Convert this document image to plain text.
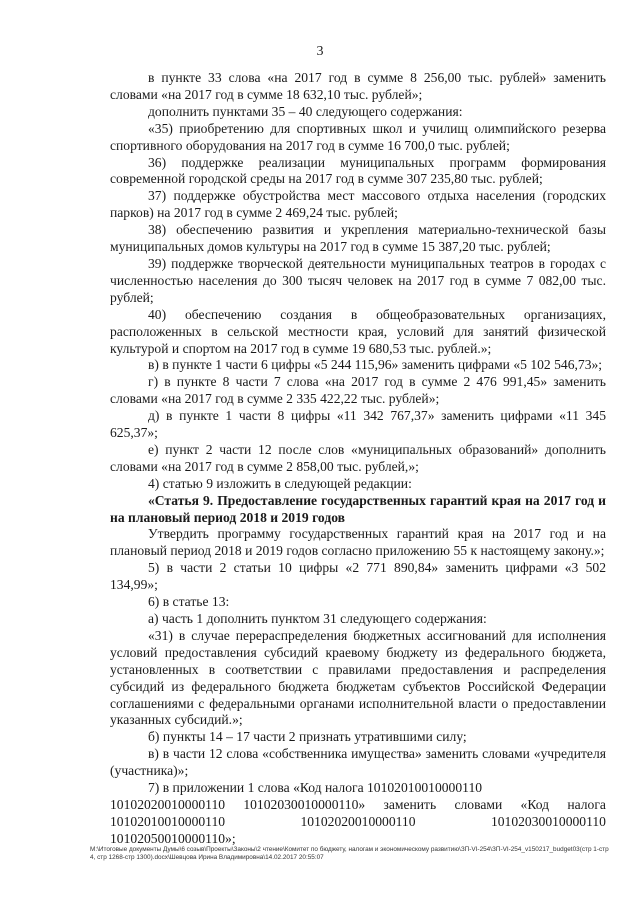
3

в пункте 33 слова «на 2017 год в сумме 8 256,00 тыс. рублей» заменить словами «на 2017 год в сумме 18 632,10 тыс. рублей»;

дополнить пунктами 35 – 40 следующего содержания:

«35) приобретению для спортивных школ и училищ олимпийского резерва спортивного оборудования на 2017 год в сумме 16 700,0 тыс. рублей;

36) поддержке реализации муниципальных программ формирования современной городской среды на 2017 год в сумме 307 235,80 тыс. рублей;

37) поддержке обустройства мест массового отдыха населения (городских парков) на 2017 год в сумме 2 469,24 тыс. рублей;

38) обеспечению развития и укрепления материально-технической базы муниципальных домов культуры на 2017 год в сумме 15 387,20 тыс. рублей;

39) поддержке творческой деятельности муниципальных театров в городах с численностью населения до 300 тысяч человек на 2017 год в сумме 7 082,00 тыс. рублей;

40) обеспечению создания в общеобразовательных организациях, расположенных в сельской местности края, условий для занятий физической культурой и спортом на 2017 год в сумме 19 680,53 тыс. рублей.»;

в) в пункте 1 части 6 цифры «5 244 115,96» заменить цифрами «5 102 546,73»;

г) в пункте 8 части 7 слова «на 2017 год в сумме 2 476 991,45» заменить словами «на 2017 год в сумме 2 335 422,22 тыс. рублей»;

д) в пункте 1 части 8 цифры «11 342 767,37» заменить цифрами «11 345 625,37»;

е) пункт 2 части 12 после слов «муниципальных образований» дополнить словами «на 2017 год в сумме 2 858,00 тыс. рублей,»;

4) статью 9 изложить в следующей редакции:

«Статья 9. Предоставление государственных гарантий края на 2017 год и на плановый период 2018 и 2019 годов

Утвердить программу государственных гарантий края на 2017 год и на плановый период 2018 и 2019 годов согласно приложению 55 к настоящему закону.»;

5) в части 2 статьи 10 цифры «2 771 890,84» заменить цифрами «3 502 134,99»;

6) в статье 13:

а) часть 1 дополнить пунктом 31 следующего содержания:

«31) в случае перераспределения бюджетных ассигнований для исполнения условий предоставления субсидий краевому бюджету из федерального бюджета, установленных в соответствии с правилами предоставления и распределения субсидий из федерального бюджета бюджетам субъектов Российской Федерации соглашениями с федеральными органами исполнительной власти о предоставлении указанных субсидий.»;

б) пункты 14 – 17 части 2 признать утратившими силу;

в) в части 12 слова «собственника имущества» заменить словами «учредителя (участника)»;

7) в приложении 1 слова «Код налога 10102010010000110

10102020010000110 10102030010000110» заменить словами «Код налога
10102010010000110	10102020010000110	10102030010000110
10102050010000110»;
M:\Итоговые документы Думы\6 созыв\Проекты\Законы\2 чтение\Комитет по бюджету, налогам и экономическому развитию\ЗП-VI-254\ЗП-VI-254_v150217_budget03(стр 1-стр 4, стр 1268-стр 1300).docx\Шевцова Ирина Владимировна\14.02.2017 20:55:07
